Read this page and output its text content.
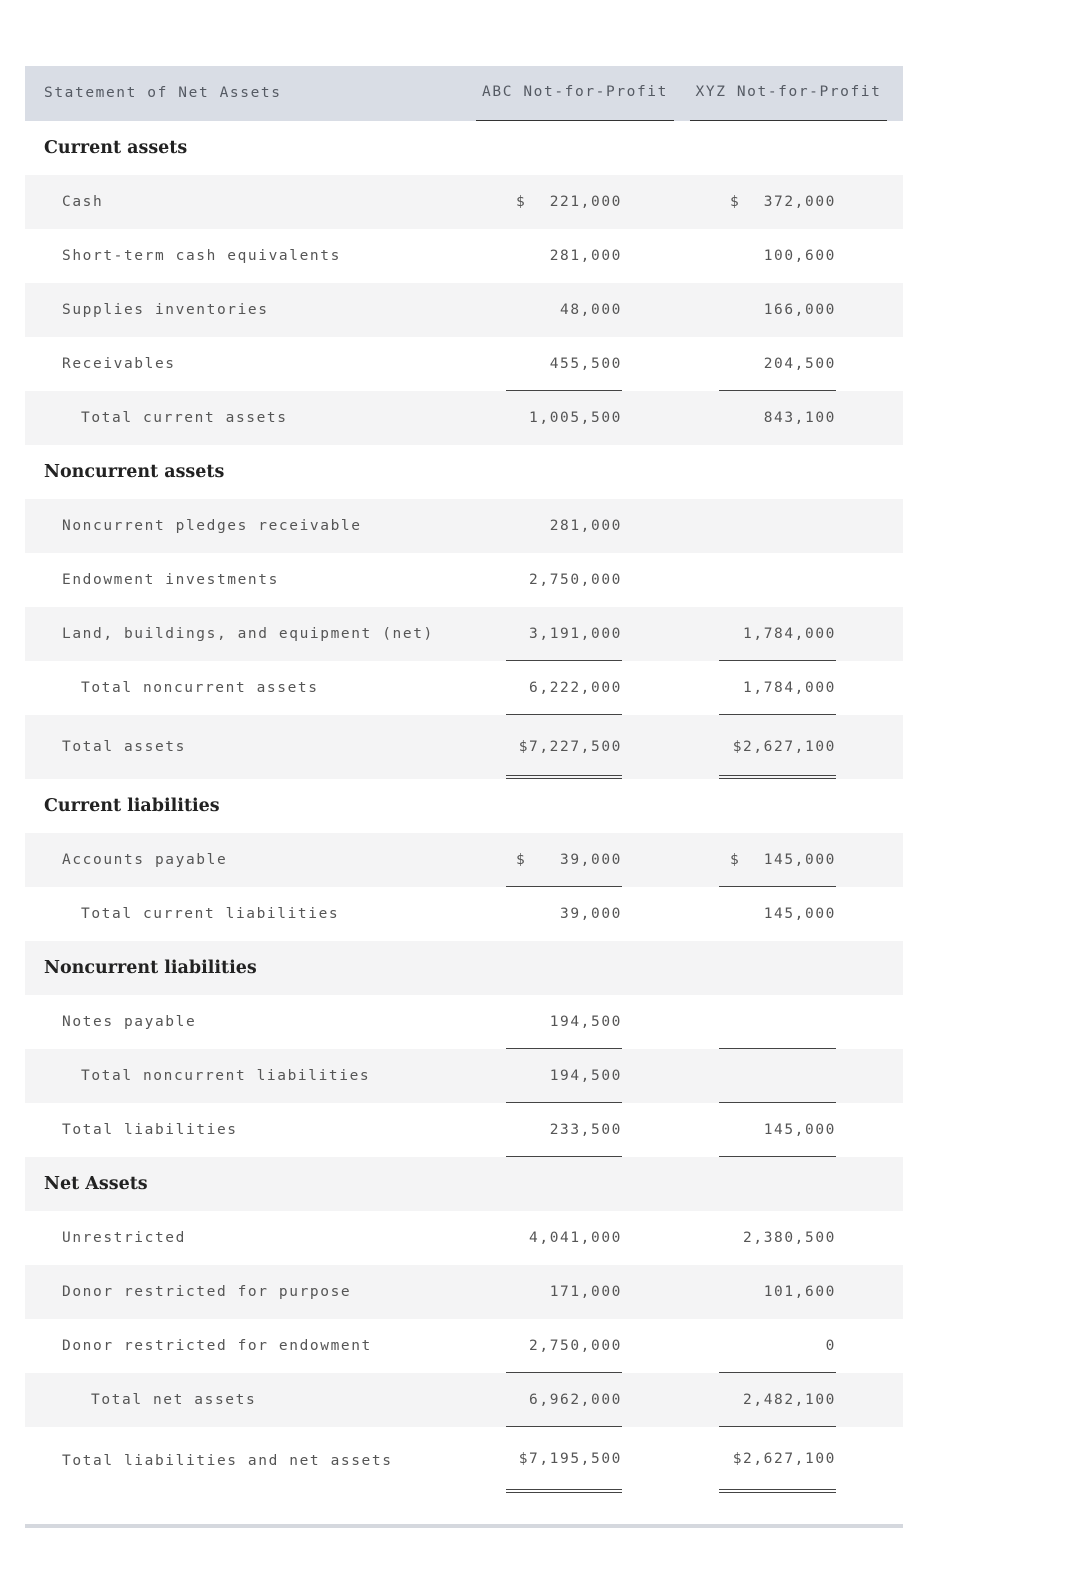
Statement of Net Assets	ABC Not-for-Profit	XYZ Not-for-Profit
Current assets
Cash	$	221,000	$	372,000
Short-term cash equivalents	281,000	100,600
Supplies inventories	48,000	166,000
Receivables	455,500	204,500
Total current assets	1,005,500	843,100
Noncurrent assets
Noncurrent pledges receivable	281,000
Endowment investments	2,750,000
Land, buildings, and equipment (net)	3,191,000	1,784,000
Total noncurrent assets	6,222,000	1,784,000
Total assets	$7,227,500	$2,627,100
Current liabilities
Accounts payable	$	39,000	$	145,000
Total current liabilities	39,000	145,000
Noncurrent liabilities
Notes payable	194,500
Total noncurrent liabilities	194,500
Total liabilities	233,500	145,000
Net Assets
Unrestricted	4,041,000	2,380,500
Donor restricted for purpose	171,000	101,600
Donor restricted for endowment	2,750,000	0
Total net assets	6,962,000	2,482,100
Total liabilities and net assets	$7,195,500	$2,627,100
